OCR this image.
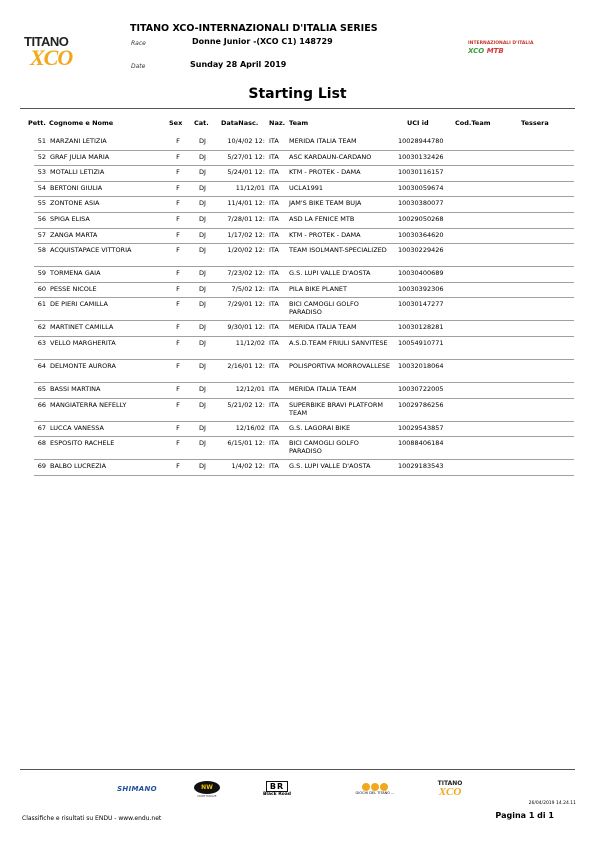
TITANO
XCO
TITANO XCO-INTERNAZIONALI D'ITALIA SERIES
Race	Donne Junior -(XCO C1) 148729
Date	Sunday 28 April 2019
INTERNAZIONALI D'ITALIA
XCO MTB
Starting List
Pett. Cognome e Nome	Sex Cat. DataNasc. Naz. Team	UCI id	Cod.Team	Tessera
51 MARZANI LETIZIA	F	DJ	10/4/02 12: ITA MERIDA ITALIA TEAM	10028944780
52 GRAF JULIA MARIA	F	DJ	5/27/01 12: ITA ASC KARDAUN-CARDANO	10030132426
53 MOTALLI LETIZIA	F	DJ	5/24/01 12: ITA KTM - PROTEK - DAMA	10030116157
54 BERTONI GIULIA	F	DJ	11/12/01 ITA UCLA1991	10030059674
55 ZONTONE ASIA	F	DJ	11/4/01 12: ITA JAM'S BIKE TEAM BUJA	10030380077
56 SPIGA ELISA	F	DJ	7/28/01 12: ITA ASD LA FENICE MTB	10029050268
57 ZANGA MARTA	F	DJ	1/17/02 12: ITA KTM - PROTEK - DAMA	10030364620
58 ACQUISTAPACE VITTORIA	F	DJ	1/20/02 12: ITA TEAM ISOLMANT-SPECIALIZED	10030229426
59 TORMENA GAIA	F	DJ	7/23/02 12: ITA G.S. LUPI VALLE D'AOSTA	10030400689
60 PESSE NICOLE	F	DJ	7/5/02 12: ITA PILA BIKE PLANET	10030392306
61 DE PIERI CAMILLA	F	DJ	7/29/01 12: ITA BICI CAMOGLI GOLFO PARADISO
10030147277
62 MARTINET CAMILLA	F	DJ	9/30/01 12: ITA MERIDA ITALIA TEAM	10030128281
63 VELLO MARGHERITA	F	DJ	11/12/02 ITA A.S.D.TEAM FRIULI SANVITESE	10054910771
64 DELMONTE AURORA	F	DJ	2/16/01 12: ITA POLISPORTIVA MORROVALLESE	10032018064
65 BASSI MARTINA	F	DJ	12/12/01 ITA MERIDA ITALIA TEAM	10030722005
66 MANGIATERRA NEFELLY	F	DJ	5/21/02 12: ITA SUPERBIKE BRAVI PLATFORM TEAM
10029786256
67 LUCCA VANESSA	F	DJ	12/16/02 ITA G.S. LAGORAI BIKE	10029543857
68 ESPOSITO RACHELE	F	DJ	6/15/01 12: ITA BICI CAMOGLI GOLFO PARADISO
10088406184
69 BALBO LUCREZIA	F	DJ	1/4/02 12: ITA G.S. LUPI VALLE D'AOSTA	10029183543
SHIMANO	NW
NORTHWAVE
BR
Black Road	GIOCHI DEL TITANO ...
TITANO
XCO
26/04/2019 14.24.11
Classifiche e risultati su ENDU - www.endu.net	Pagina 1 di 1
